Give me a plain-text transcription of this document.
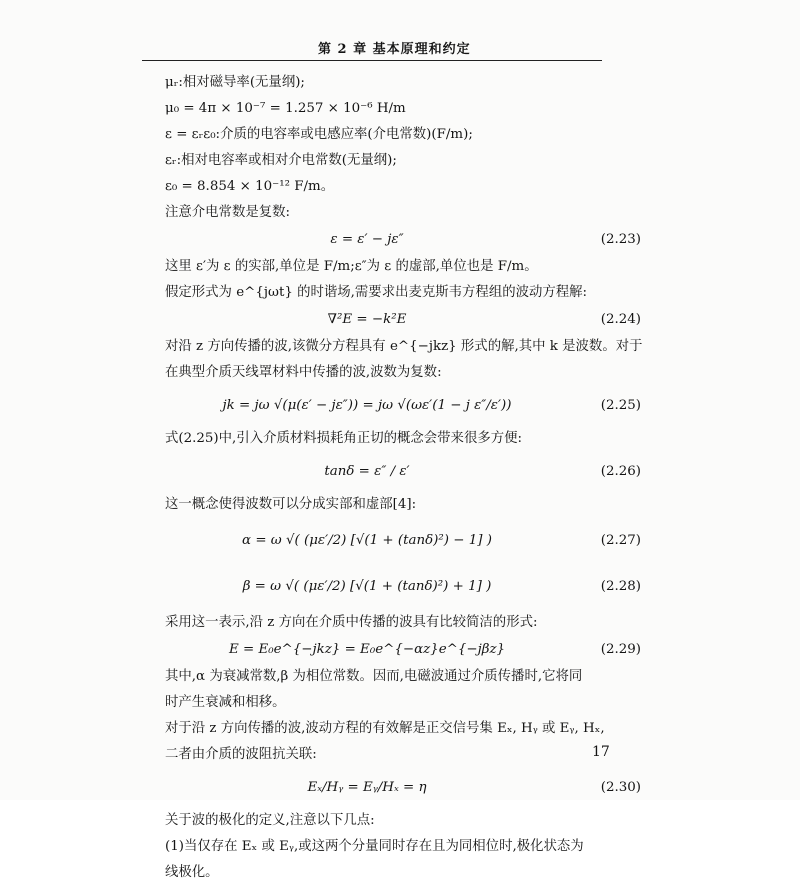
第 2 章 基本原理和约定
μᵣ:相对磁导率(无量纲);
μ₀ = 4π × 10⁻⁷ = 1.257 × 10⁻⁶ H/m
ε = εᵣε₀:介质的电容率或电感应率(介电常数)(F/m);
εᵣ:相对电容率或相对介电常数(无量纲);
ε₀ = 8.854 × 10⁻¹² F/m。
注意介电常数是复数:
ε = ε′ − jε″	(2.23)
这里 ε′为 ε 的实部,单位是 F/m;ε″为 ε 的虚部,单位也是 F/m。
假定形式为 e^{jωt} 的时谐场,需要求出麦克斯韦方程组的波动方程解:
∇²E = −k²E	(2.24)
对沿 z 方向传播的波,该微分方程具有 e^{−jkz} 形式的解,其中 k 是波数。对于
在典型介质天线罩材料中传播的波,波数为复数:
jk = jω √(μ(ε′ − jε″)) = jω √(ωε′(1 − j ε″/ε′))	(2.25)
式(2.25)中,引入介质材料损耗角正切的概念会带来很多方便:
tanδ = ε″ / ε′	(2.26)
这一概念使得波数可以分成实部和虚部[4]:
α = ω √( (με′/2) [√(1 + (tanδ)²) − 1] )	(2.27)
β = ω √( (με′/2) [√(1 + (tanδ)²) + 1] )	(2.28)
采用这一表示,沿 z 方向在介质中传播的波具有比较简洁的形式:
E = E₀e^{−jkz} = E₀e^{−αz}e^{−jβz}	(2.29)
其中,α 为衰减常数,β 为相位常数。因而,电磁波通过介质传播时,它将同
时产生衰减和相移。
对于沿 z 方向传播的波,波动方程的有效解是正交信号集 Eₓ, Hᵧ 或 Eᵧ, Hₓ,
二者由介质的波阻抗关联:
Eₓ/Hᵧ = Eᵧ/Hₓ = η	(2.30)
关于波的极化的定义,注意以下几点:
(1)当仅存在 Eₓ 或 Eᵧ,或这两个分量同时存在且为同相位时,极化状态为
线极化。
17
